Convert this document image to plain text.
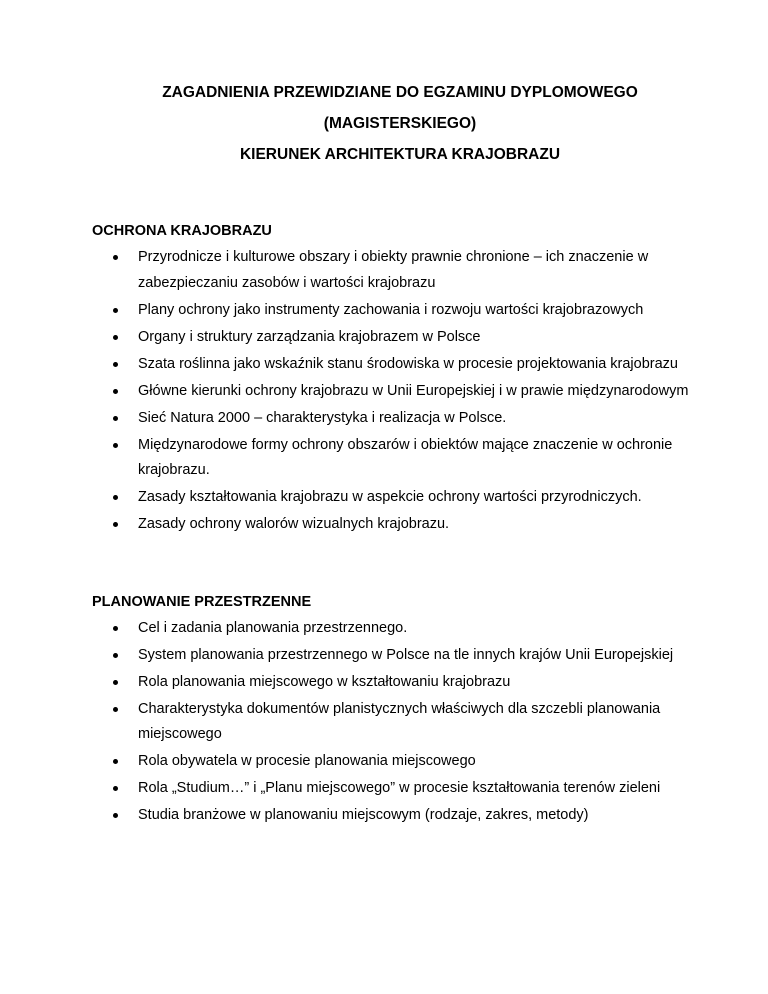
ZAGADNIENIA PRZEWIDZIANE DO EGZAMINU DYPLOMOWEGO
(MAGISTERSKIEGO)
KIERUNEK ARCHITEKTURA KRAJOBRAZU
OCHRONA KRAJOBRAZU
Przyrodnicze i kulturowe obszary i obiekty prawnie chronione – ich znaczenie w zabezpieczaniu zasobów i wartości krajobrazu
Plany ochrony jako instrumenty zachowania i rozwoju wartości krajobrazowych
Organy i struktury zarządzania krajobrazem w Polsce
Szata roślinna jako wskaźnik stanu środowiska w procesie projektowania krajobrazu
Główne kierunki ochrony krajobrazu w Unii Europejskiej i w prawie międzynarodowym
Sieć Natura 2000 – charakterystyka i realizacja w Polsce.
Międzynarodowe formy ochrony obszarów i obiektów mające znaczenie w ochronie krajobrazu.
Zasady kształtowania krajobrazu w aspekcie ochrony wartości przyrodniczych.
Zasady ochrony walorów wizualnych krajobrazu.
PLANOWANIE PRZESTRZENNE
Cel i zadania planowania przestrzennego.
System planowania przestrzennego w Polsce na tle innych krajów Unii Europejskiej
Rola planowania miejscowego w kształtowaniu krajobrazu
Charakterystyka dokumentów planistycznych właściwych dla szczebli planowania miejscowego
Rola obywatela w procesie planowania miejscowego
Rola „Studium…” i „Planu miejscowego” w procesie kształtowania terenów zieleni
Studia branżowe w planowaniu miejscowym (rodzaje, zakres, metody)
